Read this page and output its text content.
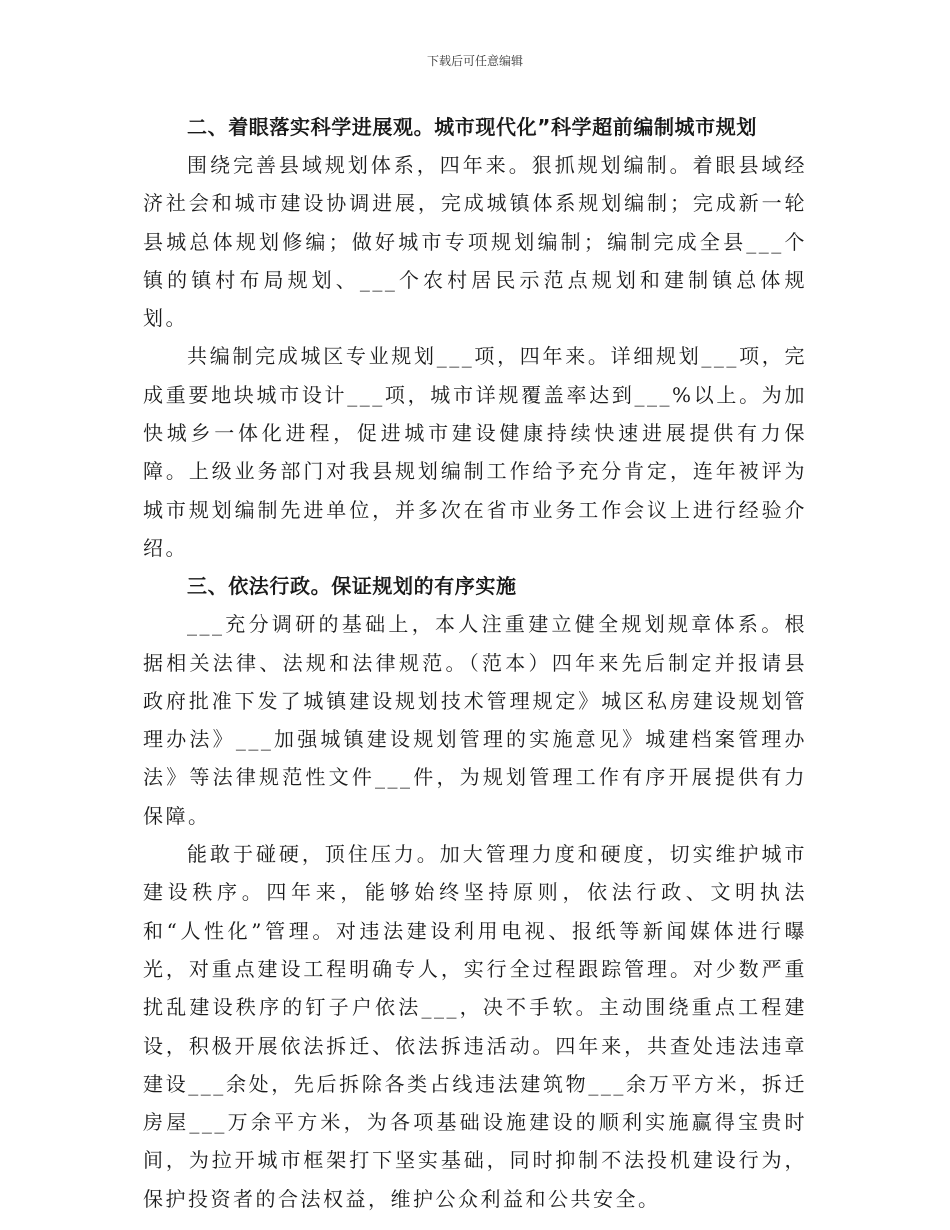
下载后可任意编辑
二、着眼落实科学进展观。城市现代化”科学超前编制城市规划

围绕完善县域规划体系，四年来。狠抓规划编制。着眼县域经济社会和城市建设协调进展，完成城镇体系规划编制；完成新一轮县城总体规划修编；做好城市专项规划编制；编制完成全县___个镇的镇村布局规划、___个农村居民示范点规划和建制镇总体规划。

共编制完成城区专业规划___项，四年来。详细规划___项，完成重要地块城市设计___项，城市详规覆盖率达到___%以上。为加快城乡一体化进程，促进城市建设健康持续快速进展提供有力保障。上级业务部门对我县规划编制工作给予充分肯定，连年被评为城市规划编制先进单位，并多次在省市业务工作会议上进行经验介绍。

三、依法行政。保证规划的有序实施

___充分调研的基础上，本人注重建立健全规划规章体系。根据相关法律、法规和法律规范。（范本）四年来先后制定并报请县政府批准下发了城镇建设规划技术管理规定》城区私房建设规划管理办法》___加强城镇建设规划管理的实施意见》城建档案管理办法》等法律规范性文件___件，为规划管理工作有序开展提供有力保障。

能敢于碰硬，顶住压力。加大管理力度和硬度，切实维护城市建设秩序。四年来，能够始终坚持原则，依法行政、文明执法和“人性化”管理。对违法建设利用电视、报纸等新闻媒体进行曝光，对重点建设工程明确专人，实行全过程跟踪管理。对少数严重扰乱建设秩序的钉子户依法___，决不手软。主动围绕重点工程建设，积极开展依法拆迁、依法拆违活动。四年来，共查处违法违章建设___余处，先后拆除各类占线违法建筑物___余万平方米，拆迁房屋___万余平方米，为各项基础设施建设的顺利实施赢得宝贵时间，为拉开城市框架打下坚实基础，同时抑制不法投机建设行为，保护投资者的合法权益，维护公众利益和公共安全。
